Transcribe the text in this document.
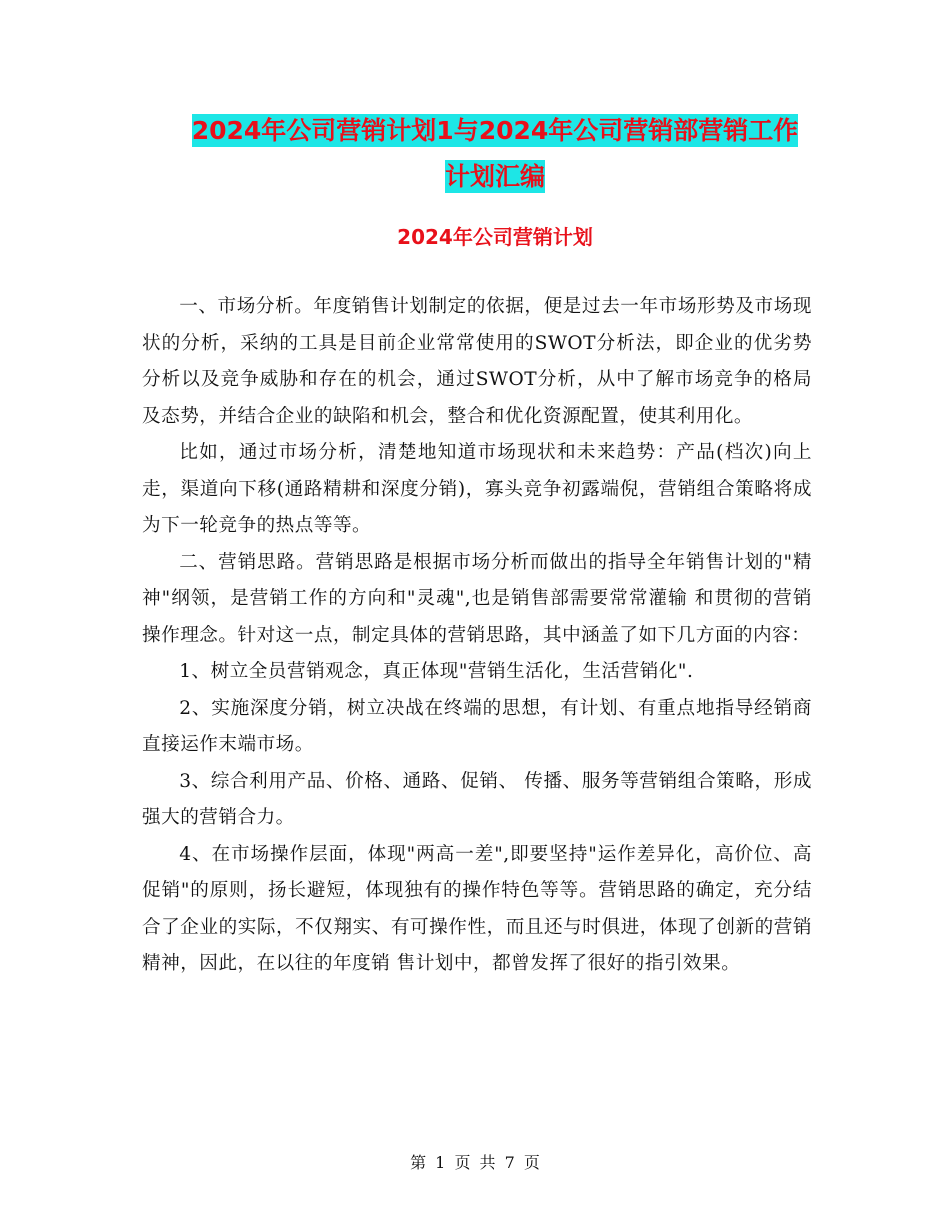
2024年公司营销计划1与2024年公司营销部营销工作
计划汇编
2024年公司营销计划

一、市场分析。年度销售计划制定的依据，便是过去一年市场形势及市场现状的分析，采纳的工具是目前企业常常使用的SWOT分析法，即企业的优劣势分析以及竞争威胁和存在的机会，通过SWOT分析，从中了解市场竞争的格局及态势，并结合企业的缺陷和机会，整合和优化资源配置，使其利用化。

比如，通过市场分析，清楚地知道市场现状和未来趋势：产品(档次)向上走，渠道向下移(通路精耕和深度分销)，寡头竞争初露端倪，营销组合策略将成为下一轮竞争的热点等等。

二、营销思路。营销思路是根据市场分析而做出的指导全年销售计划的"精神"纲领，是营销工作的方向和"灵魂",也是销售部需要常常灌输 和贯彻的营销操作理念。针对这一点，制定具体的营销思路，其中涵盖了如下几方面的内容：

1、树立全员营销观念，真正体现"营销生活化，生活营销化".

2、实施深度分销，树立决战在终端的思想，有计划、有重点地指导经销商直接运作末端市场。

3、综合利用产品、价格、通路、促销、 传播、服务等营销组合策略，形成强大的营销合力。

4、在市场操作层面，体现"两高一差",即要坚持"运作差异化，高价位、高促销"的原则，扬长避短，体现独有的操作特色等等。营销思路的确定，充分结合了企业的实际，不仅翔实、有可操作性，而且还与时俱进，体现了创新的营销精神，因此，在以往的年度销 售计划中，都曾发挥了很好的指引效果。

第 1 页 共 7 页
